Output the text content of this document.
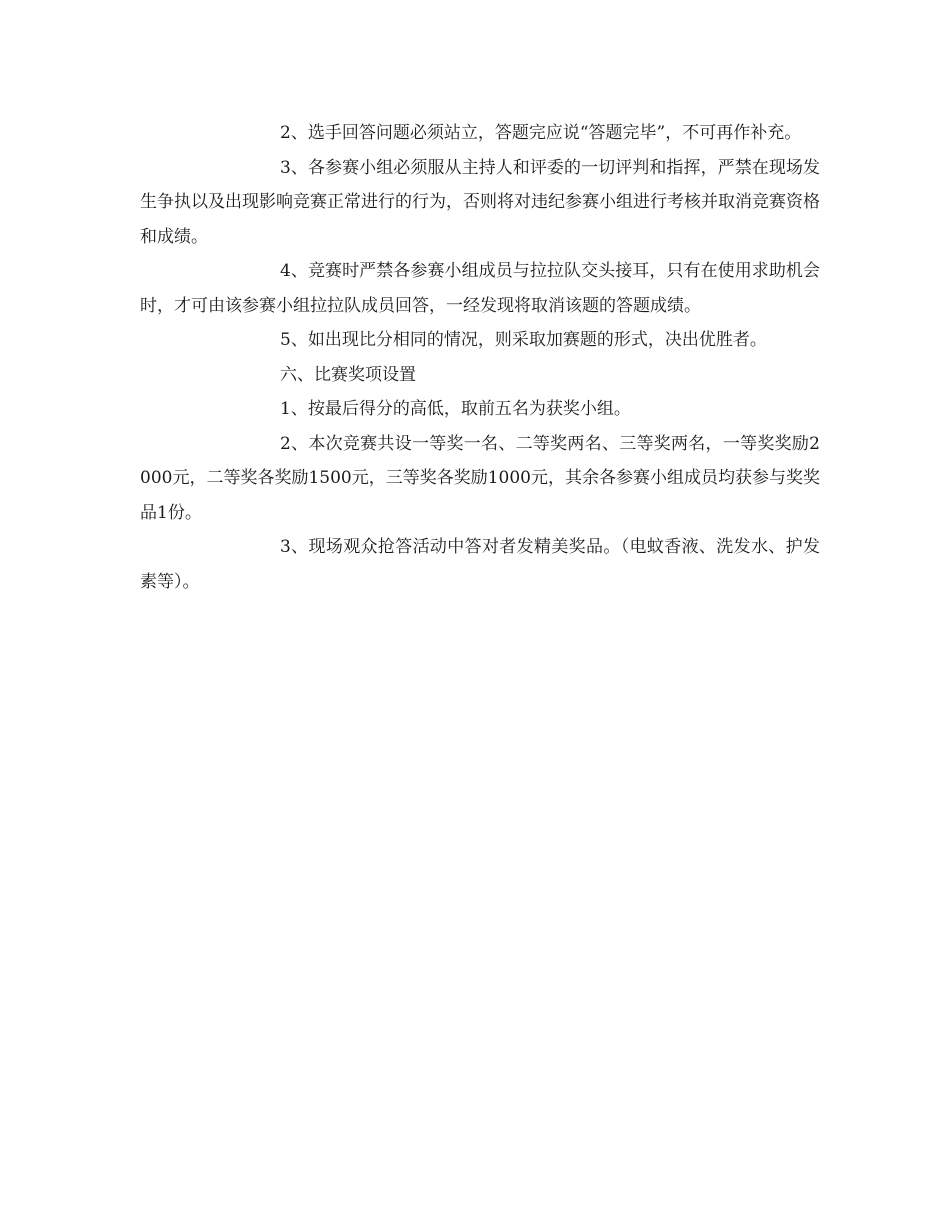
2、选手回答问题必须站立，答题完应说“答题完毕”，不可再作补充。

3、各参赛小组必须服从主持人和评委的一切评判和指挥，严禁在现场发生争执以及出现影响竞赛正常进行的行为，否则将对违纪参赛小组进行考核并取消竞赛资格和成绩。

4、竞赛时严禁各参赛小组成员与拉拉队交头接耳，只有在使用求助机会时，才可由该参赛小组拉拉队成员回答，一经发现将取消该题的答题成绩。

5、如出现比分相同的情况，则采取加赛题的形式，决出优胜者。

六、比赛奖项设置

1、按最后得分的高低，取前五名为获奖小组。

2、本次竞赛共设一等奖一名、二等奖两名、三等奖两名，一等奖奖励2000元，二等奖各奖励1500元，三等奖各奖励1000元，其余各参赛小组成员均获参与奖奖品1份。

3、现场观众抢答活动中答对者发精美奖品。（电蚊香液、洗发水、护发素等）。
